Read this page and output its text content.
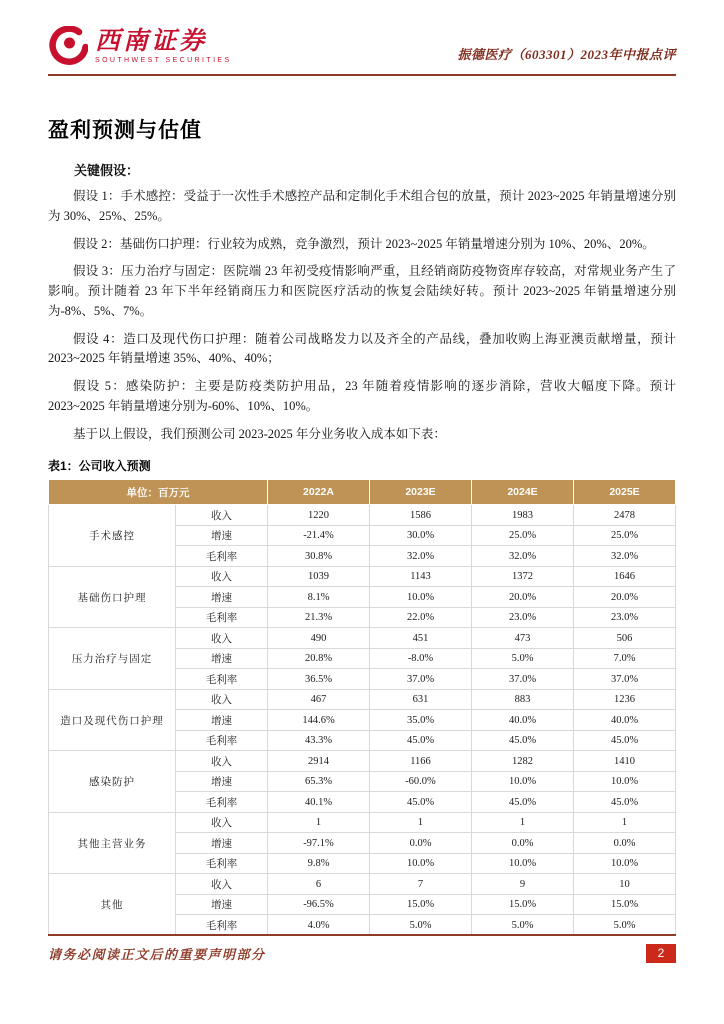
西南证券
SOUTHWEST SECURITIES	振德医疗（603301）2023年中报点评
盈利预测与估值

关键假设：

假设 1：手术感控：受益于一次性手术感控产品和定制化手术组合包的放量，预计 2023~2025 年销量增速分别为 30%、25%、25%。

假设 2：基础伤口护理：行业较为成熟，竞争激烈，预计 2023~2025 年销量增速分别为 10%、20%、20%。

假设 3：压力治疗与固定：医院端 23 年初受疫情影响严重，且经销商防疫物资库存较高，对常规业务产生了影响。预计随着 23 年下半年经销商压力和医院医疗活动的恢复会陆续好转。预计 2023~2025 年销量增速分别为-8%、5%、7%。

假设 4：造口及现代伤口护理：随着公司战略发力以及齐全的产品线，叠加收购上海亚澳贡献增量，预计 2023~2025 年销量增速 35%、40%、40%；

假设 5：感染防护：主要是防疫类防护用品，23 年随着疫情影响的逐步消除，营收大幅度下降。预计 2023~2025 年销量增速分别为-60%、10%、10%。

基于以上假设，我们预测公司 2023-2025 年分业务收入成本如下表：

表1：公司收入预测
单位：百万元		2022A	2023E	2024E	2025E
手术感控	收入	1220	1586	1983	2478
	增速	-21.4%	30.0%	25.0%	25.0%
	毛利率	30.8%	32.0%	32.0%	32.0%
基础伤口护理	收入	1039	1143	1372	1646
	增速	8.1%	10.0%	20.0%	20.0%
	毛利率	21.3%	22.0%	23.0%	23.0%
压力治疗与固定	收入	490	451	473	506
	增速	20.8%	-8.0%	5.0%	7.0%
	毛利率	36.5%	37.0%	37.0%	37.0%
造口及现代伤口护理	收入	467	631	883	1236
	增速	144.6%	35.0%	40.0%	40.0%
	毛利率	43.3%	45.0%	45.0%	45.0%
感染防护	收入	2914	1166	1282	1410
	增速	65.3%	-60.0%	10.0%	10.0%
	毛利率	40.1%	45.0%	45.0%	45.0%
其他主营业务	收入	1	1	1	1
	增速	-97.1%	0.0%	0.0%	0.0%
	毛利率	9.8%	10.0%	10.0%	10.0%
其他	收入	6	7	9	10
	增速	-96.5%	15.0%	15.0%	15.0%
	毛利率	4.0%	5.0%	5.0%	5.0%
请务必阅读正文后的重要声明部分	2
